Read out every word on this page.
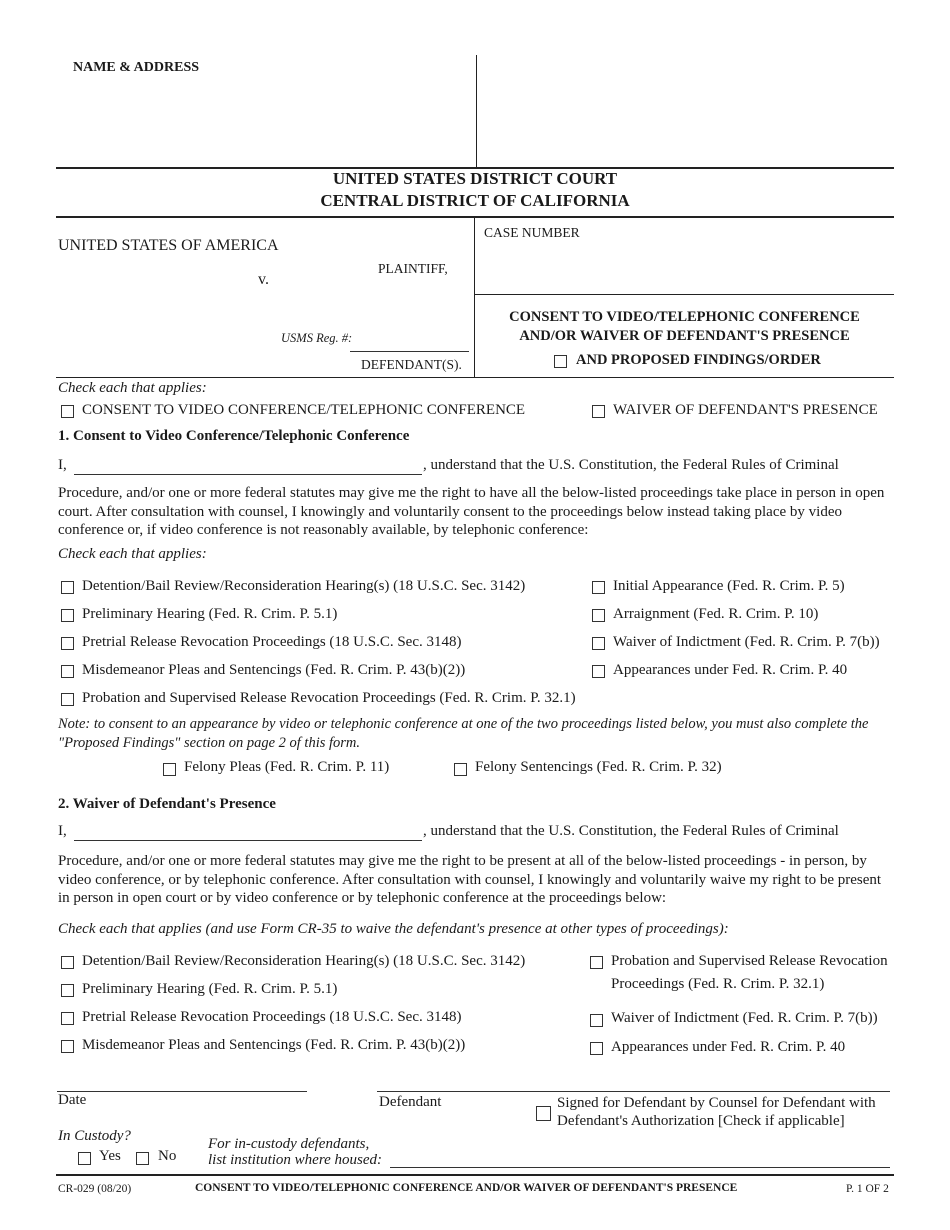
NAME & ADDRESS
UNITED STATES DISTRICT COURT
CENTRAL DISTRICT OF CALIFORNIA
UNITED STATES OF AMERICA
PLAINTIFF,
v.
USMS Reg. #:
DEFENDANT(S).
CASE NUMBER
CONSENT TO VIDEO/TELEPHONIC CONFERENCE
AND/OR WAIVER OF DEFENDANT'S PRESENCE
AND PROPOSED FINDINGS/ORDER
Check each that applies:
CONSENT TO VIDEO CONFERENCE/TELEPHONIC CONFERENCE	WAIVER OF DEFENDANT'S PRESENCE
1. Consent to Video Conference/Telephonic Conference
I,	, understand that the U.S. Constitution, the Federal Rules of Criminal
Procedure, and/or one or more federal statutes may give me the right to have all the below-listed proceedings take place in person in open court. After consultation with counsel, I knowingly and voluntarily consent to the proceedings below instead taking place by video conference or, if video conference is not reasonably available, by telephonic conference:
Check each that applies:
Detention/Bail Review/Reconsideration Hearing(s) (18 U.S.C. Sec. 3142)
Preliminary Hearing (Fed. R. Crim. P. 5.1)
Pretrial Release Revocation Proceedings (18 U.S.C. Sec. 3148)
Misdemeanor Pleas and Sentencings (Fed. R. Crim. P. 43(b)(2))
Probation and Supervised Release Revocation Proceedings (Fed. R. Crim. P. 32.1)
Initial Appearance (Fed. R. Crim. P. 5)
Arraignment (Fed. R. Crim. P. 10)
Waiver of Indictment (Fed. R. Crim. P. 7(b))
Appearances under Fed. R. Crim. P. 40
Note: to consent to an appearance by video or telephonic conference at one of the two proceedings listed below, you must also complete the "Proposed Findings" section on page 2 of this form.
Felony Pleas (Fed. R. Crim. P. 11)	Felony Sentencings (Fed. R. Crim. P. 32)
2. Waiver of Defendant's Presence
I,	, understand that the U.S. Constitution, the Federal Rules of Criminal
Procedure, and/or one or more federal statutes may give me the right to be present at all of the below-listed proceedings - in person, by video conference, or by telephonic conference. After consultation with counsel, I knowingly and voluntarily waive my right to be present in person in open court or by video conference or by telephonic conference at the proceedings below:
Check each that applies (and use Form CR-35 to waive the defendant's presence at other types of proceedings):
Detention/Bail Review/Reconsideration Hearing(s) (18 U.S.C. Sec. 3142)
Preliminary Hearing (Fed. R. Crim. P. 5.1)
Pretrial Release Revocation Proceedings (18 U.S.C. Sec. 3148)
Misdemeanor Pleas and Sentencings (Fed. R. Crim. P. 43(b)(2))
Probation and Supervised Release Revocation
Proceedings (Fed. R. Crim. P. 32.1)
Waiver of Indictment (Fed. R. Crim. P. 7(b))
Appearances under Fed. R. Crim. P. 40
Date	Defendant	Signed for Defendant by Counsel for Defendant with
Defendant's Authorization [Check if applicable]
In Custody?
Yes No
For in-custody defendants,
list institution where housed:
CR-029 (08/20)	CONSENT TO VIDEO/TELEPHONIC CONFERENCE AND/OR WAIVER OF DEFENDANT'S PRESENCE	P. 1 OF 2
